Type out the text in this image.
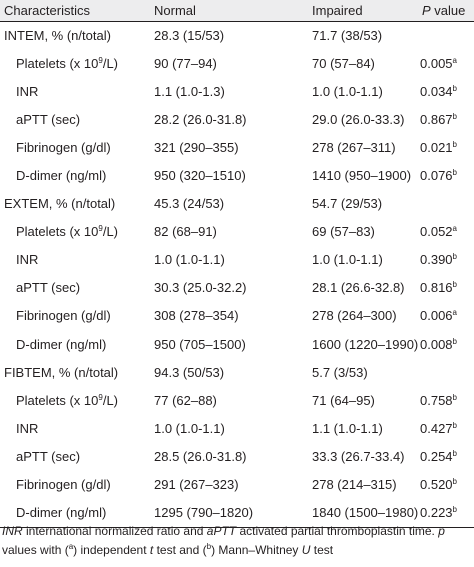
Characteristics	Normal	Impaired	P value
INTEM, % (n/total)	28.3 (15/53)	71.7 (38/53)	
Platelets (x $10^9/L$)	90 (77–94)	70 (57–84)	0.005$^a$
INR	1.1 (1.0-1.3)	1.0 (1.0-1.1)	0.034$^b$
aPTT (sec)	28.2 (26.0-31.8)	29.0 (26.0-33.3)	0.867$^b$
Fibrinogen (g/dl)	321 (290–355)	278 (267–311)	0.021$^b$
D-dimer (ng/ml)	950 (320–1510)	1410 (950–1900)	0.076$^b$
EXTEM, % (n/total)	45.3 (24/53)	54.7 (29/53)	
Platelets (x $10^9/L$)	82 (68–91)	69 (57–83)	0.052$^a$
INR	1.0 (1.0-1.1)	1.0 (1.0-1.1)	0.390$^b$
aPTT (sec)	30.3 (25.0-32.2)	28.1 (26.6-32.8)	0.816$^b$
Fibrinogen (g/dl)	308 (278–354)	278 (264–300)	0.006$^a$
D-dimer (ng/ml)	950 (705–1500)	1600 (1220–1990)	0.008$^b$
FIBTEM, % (n/total)	94.3 (50/53)	5.7 (3/53)	
Platelets (x $10^9/L$)	77 (62–88)	71 (64–95)	0.758$^b$
INR	1.0 (1.0-1.1)	1.1 (1.0-1.1)	0.427$^b$
aPTT (sec)	28.5 (26.0-31.8)	33.3 (26.7-33.4)	0.254$^b$
Fibrinogen (g/dl)	291 (267–323)	278 (214–315)	0.520$^b$
D-dimer (ng/ml)	1295 (790–1820)	1840 (1500–1980)	0.223$^b$
INR international normalized ratio and aPTT activated partial thromboplastin time. p values with ($^a$) independent t test and ($^b$) Mann–Whitney U test
